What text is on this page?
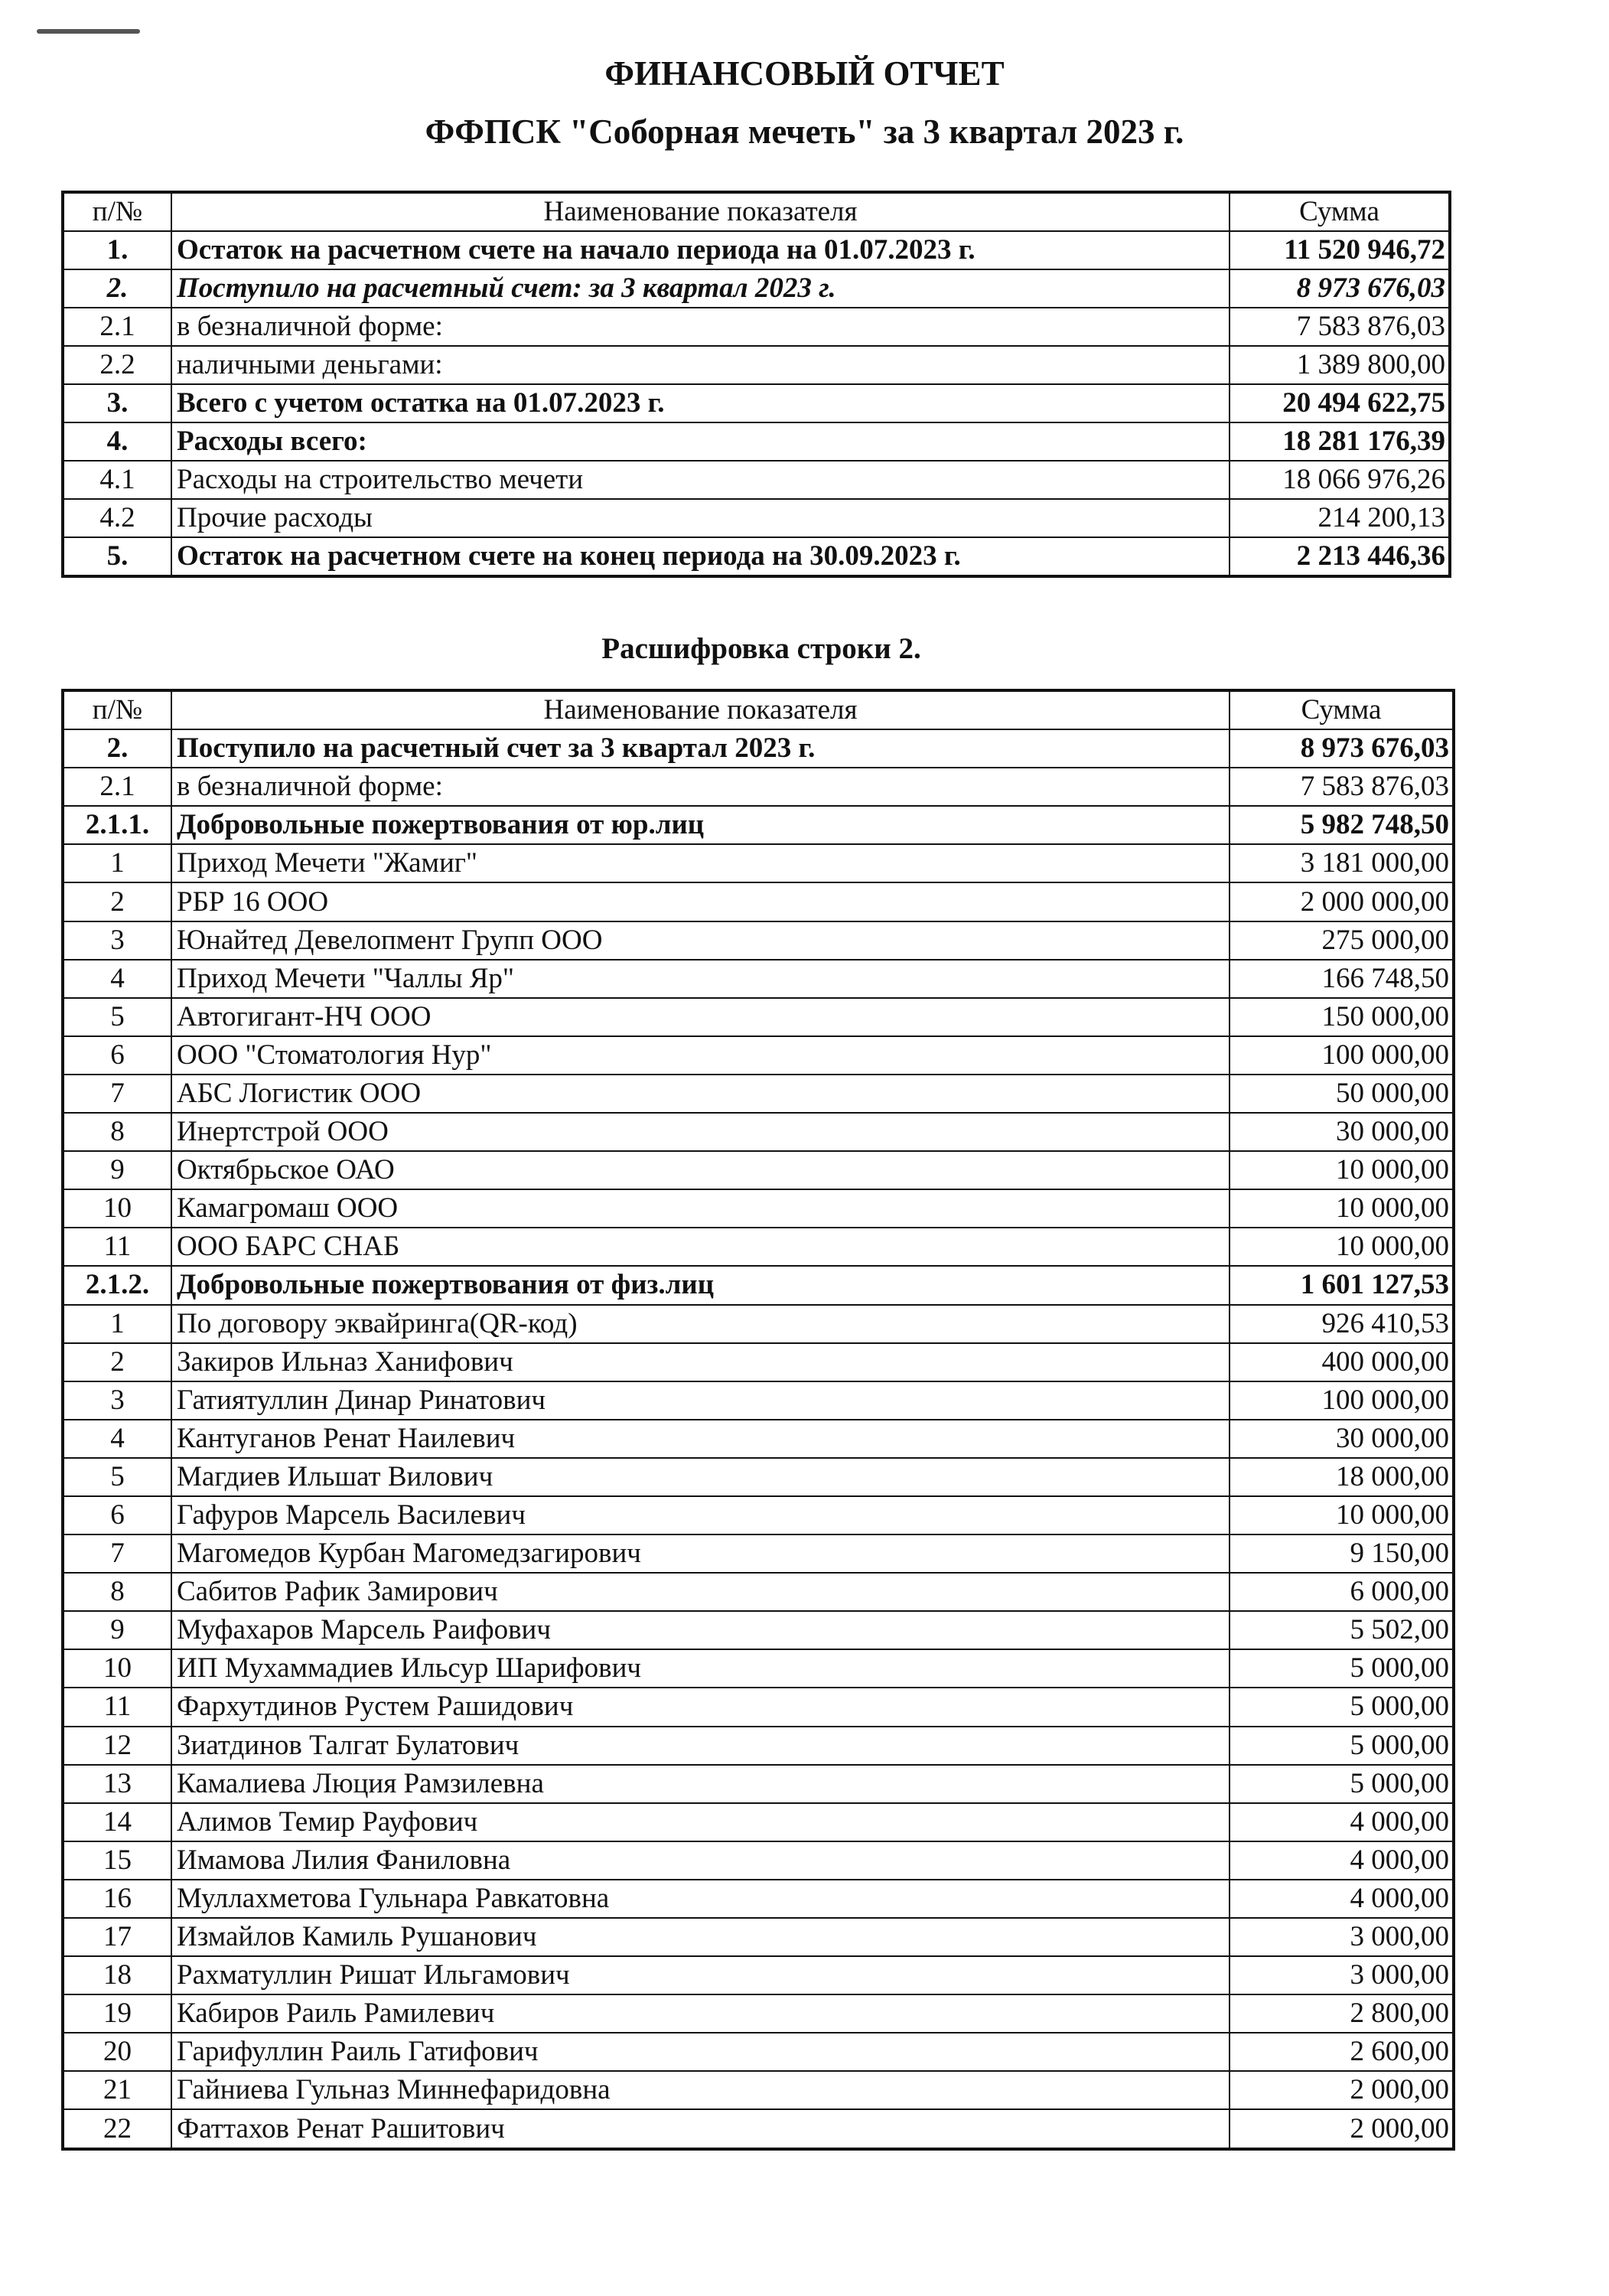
ФИНАНСОВЫЙ ОТЧЕТ
ФФПСК "Соборная мечеть" за 3 квартал 2023 г.
п/№	Наименование показателя	Сумма
1.	Остаток на расчетном счете на начало периода на 01.07.2023 г.	11 520 946,72
2.	Поступило на расчетный счет: за 3 квартал 2023 г.	8 973 676,03
2.1	в безналичной форме:	7 583 876,03
2.2	наличными деньгами:	1 389 800,00
3.	Всего с учетом остатка на 01.07.2023 г.	20 494 622,75
4.	Расходы всего:	18 281 176,39
4.1	Расходы на строительство мечети	18 066 976,26
4.2	Прочие расходы	214 200,13
5.	Остаток на расчетном счете на конец периода на 30.09.2023 г.	2 213 446,36
Расшифровка строки 2.
п/№	Наименование показателя	Сумма
2.	Поступило на расчетный счет за 3 квартал 2023 г.	8 973 676,03
2.1	в безналичной форме:	7 583 876,03
2.1.1.	Добровольные пожертвования от юр.лиц	5 982 748,50
1	Приход Мечети "Жамиг"	3 181 000,00
2	РБР 16 ООО	2 000 000,00
3	Юнайтед Девелопмент Групп ООО	275 000,00
4	Приход Мечети "Чаллы Яр"	166 748,50
5	Автогигант-НЧ ООО	150 000,00
6	ООО "Стоматология Нур"	100 000,00
7	АБС Логистик ООО	50 000,00
8	Инертстрой ООО	30 000,00
9	Октябрьское ОАО	10 000,00
10	Камагромаш ООО	10 000,00
11	ООО БАРС СНАБ	10 000,00
2.1.2.	Добровольные пожертвования от физ.лиц	1 601 127,53
1	По договору эквайринга(QR-код)	926 410,53
2	Закиров Ильназ Ханифович	400 000,00
3	Гатиятуллин Динар Ринатович	100 000,00
4	Кантуганов Ренат Наилевич	30 000,00
5	Магдиев Ильшат Вилович	18 000,00
6	Гафуров Марсель Василевич	10 000,00
7	Магомедов Курбан Магомедзагирович	9 150,00
8	Сабитов Рафик Замирович	6 000,00
9	Муфахаров Марсель Раифович	5 502,00
10	ИП Мухаммадиев Ильсур Шарифович	5 000,00
11	Фархутдинов Рустем Рашидович	5 000,00
12	Зиатдинов Талгат Булатович	5 000,00
13	Камалиева Люция Рамзилевна	5 000,00
14	Алимов Темир Рауфович	4 000,00
15	Имамова Лилия Фаниловна	4 000,00
16	Муллахметова Гульнара Равкатовна	4 000,00
17	Измайлов Камиль Рушанович	3 000,00
18	Рахматуллин Ришат Ильгамович	3 000,00
19	Кабиров Раиль Рамилевич	2 800,00
20	Гарифуллин Раиль Гатифович	2 600,00
21	Гайниева Гульназ Миннефаридовна	2 000,00
22	Фаттахов Ренат Рашитович	2 000,00
